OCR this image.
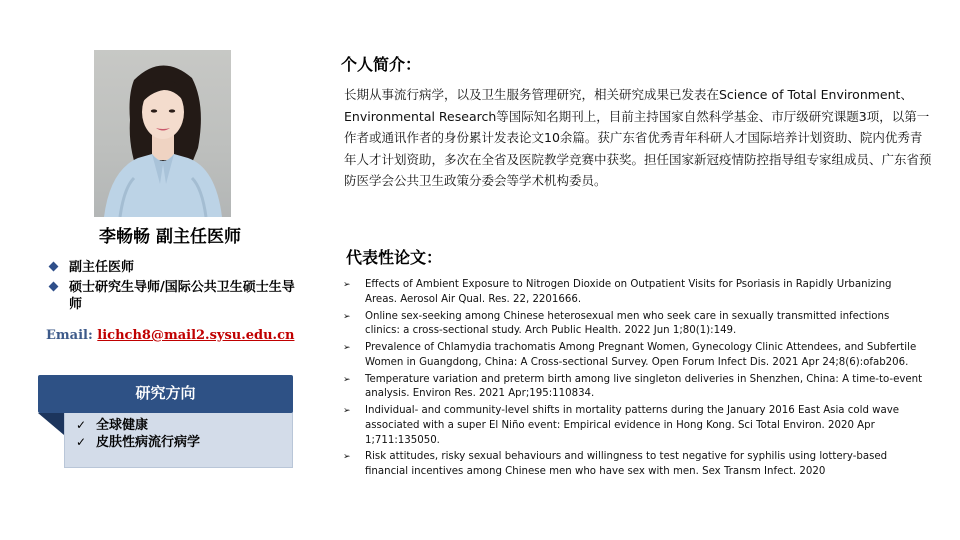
李畅畅 副主任医师
副主任医师
硕士研究生导师/国际公共卫生硕士生导师
Email: lichch8@mail2.sysu.edu.cn
研究方向
✓ 全球健康
✓ 皮肤性病流行病学
个人简介：

长期从事流行病学，以及卫生服务管理研究，相关研究成果已发表在Science of Total Environment、Environmental Research等国际知名期刊上，目前主持国家自然科学基金、市厅级研究课题3项，以第一作者或通讯作者的身份累计发表论文10余篇。获广东省优秀青年科研人才国际培养计划资助、院内优秀青年人才计划资助，多次在全省及医院教学竞赛中获奖。担任国家新冠疫情防控指导组专家组成员、广东省预防医学会公共卫生政策分委会等学术机构委员。

代表性论文：
➢ Effects of Ambient Exposure to Nitrogen Dioxide on Outpatient Visits for Psoriasis in Rapidly Urbanizing Areas. Aerosol Air Qual. Res. 22, 2201666.
➢ Online sex-seeking among Chinese heterosexual men who seek care in sexually transmitted infections clinics: a cross-sectional study. Arch Public Health. 2022 Jun 1;80(1):149.
➢ Prevalence of Chlamydia trachomatis Among Pregnant Women, Gynecology Clinic Attendees, and Subfertile Women in Guangdong, China: A Cross-sectional Survey. Open Forum Infect Dis. 2021 Apr 24;8(6):ofab206.
➢ Temperature variation and preterm birth among live singleton deliveries in Shenzhen, China: A time-to-event analysis. Environ Res. 2021 Apr;195:110834.
➢ Individual- and community-level shifts in mortality patterns during the January 2016 East Asia cold wave associated with a super El Niño event: Empirical evidence in Hong Kong. Sci Total Environ. 2020 Apr 1;711:135050.
➢ Risk attitudes, risky sexual behaviours and willingness to test negative for syphilis using lottery-based financial incentives among Chinese men who have sex with men. Sex Transm Infect. 2020
